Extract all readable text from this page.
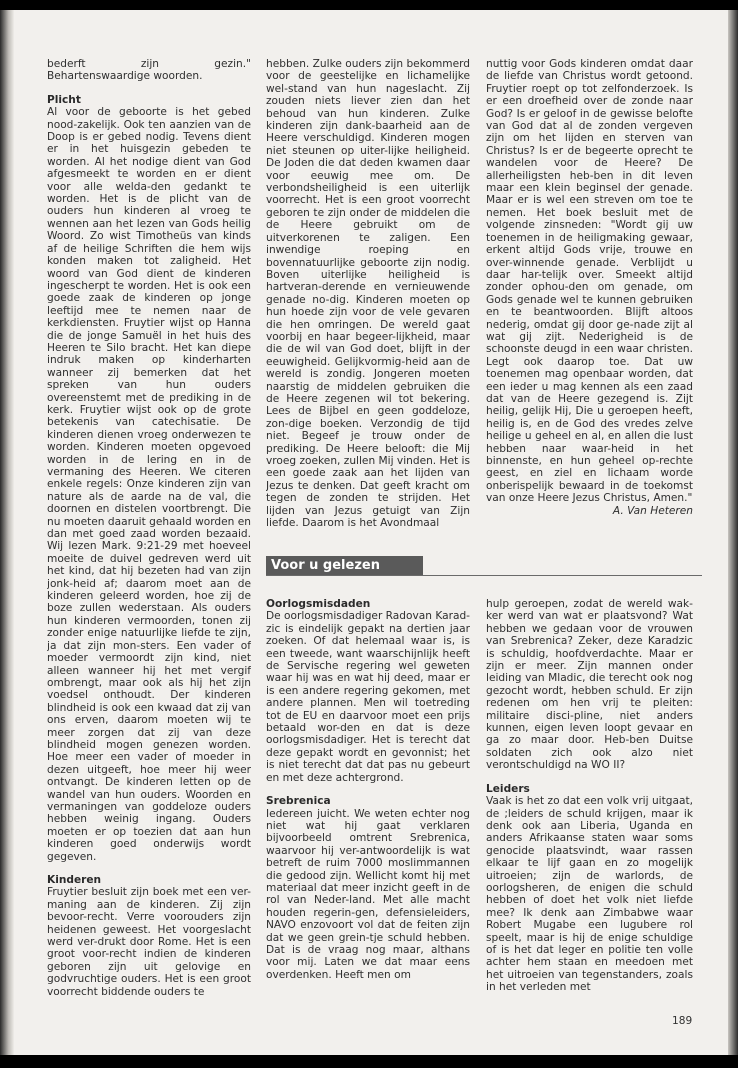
bederft zijn gezin." Behartenswaardige woorden.

Plicht

Al voor de geboorte is het gebed nood-zakelijk. Ook ten aanzien van de Doop is er gebed nodig. Tevens dient er in het huisgezin gebeden te worden. Al het nodige dient van God afgesmeekt te worden en er dient voor alle welda-den gedankt te worden. Het is de plicht van de ouders hun kinderen al vroeg te wennen aan het lezen van Gods heilig Woord. Zo wist Timotheüs van kinds af de heilige Schriften die hem wijs konden maken tot zaligheid. Het woord van God dient de kinderen ingescherpt te worden. Het is ook een goede zaak de kinderen op jonge leeftijd mee te nemen naar de kerkdiensten. Fruytier wijst op Hanna die de jonge Samuël in het huis des Heeren te Silo bracht. Het kan diepe indruk maken op kinderharten wanneer zij bemerken dat het spreken van hun ouders overeenstemt met de prediking in de kerk. Fruytier wijst ook op de grote betekenis van catechisatie. De kinderen dienen vroeg onderwezen te worden. Kinderen moeten opgevoed worden in de lering en in de vermaning des Heeren. We citeren enkele regels: Onze kinderen zijn van nature als de aarde na de val, die doornen en distelen voortbrengt. Die nu moeten daaruit gehaald worden en dan met goed zaad worden bezaaid. Wij lezen Mark. 9:21-29 met hoeveel moeite de duivel gedreven werd uit het kind, dat hij bezeten had van zijn jonk-heid af; daarom moet aan de kinderen geleerd worden, hoe zij de boze zullen wederstaan. Als ouders hun kinderen vermoorden, tonen zij zonder enige natuurlijke liefde te zijn, ja dat zijn mon-sters. Een vader of moeder vermoordt zijn kind, niet alleen wanneer hij het met vergif ombrengt, maar ook als hij het zijn voedsel onthoudt. Der kinderen blindheid is ook een kwaad dat zij van ons erven, daarom moeten wij te meer zorgen dat zij van deze blindheid mogen genezen worden. Hoe meer een vader of moeder in dezen uitgeeft, hoe meer hij weer ontvangt. De kinderen letten op de wandel van hun ouders. Woorden en vermaningen van goddeloze ouders hebben weinig ingang. Ouders moeten er op toezien dat aan hun kinderen goed onderwijs wordt gegeven.

Kinderen

Fruytier besluit zijn boek met een ver-maning aan de kinderen. Zij zijn bevoor-recht. Verre voorouders zijn heidenen geweest. Het voorgeslacht werd ver-drukt door Rome. Het is een groot voor-recht indien de kinderen geboren zijn uit gelovige en godvruchtige ouders. Het is een groot voorrecht biddende ouders te

hebben. Zulke ouders zijn bekommerd voor de geestelijke en lichamelijke wel-stand van hun nageslacht. Zij zouden niets liever zien dan het behoud van hun kinderen. Zulke kinderen zijn dank-baarheid aan de Heere verschuldigd. Kinderen mogen niet steunen op uiter-lijke heiligheid. De Joden die dat deden kwamen daar voor eeuwig mee om. De verbondsheiligheid is een uiterlijk voorrecht. Het is een groot voorrecht geboren te zijn onder de middelen die de Heere gebruikt om de uitverkorenen te zaligen. Een inwendige roeping en bovennatuurlijke geboorte zijn nodig. Boven uiterlijke heiligheid is hartveran-derende en vernieuwende genade no-dig. Kinderen moeten op hun hoede zijn voor de vele gevaren die hen omringen. De wereld gaat voorbij en haar begeer-lijkheid, maar die de wil van God doet, blijft in der eeuwigheid. Gelijkvormig-heid aan de wereld is zondig. Jongeren moeten naarstig de middelen gebruiken die de Heere zegenen wil tot bekering. Lees de Bijbel en geen goddeloze, zon-dige boeken. Verzondig de tijd niet. Begeef je trouw onder de prediking. De Heere belooft: die Mij vroeg zoeken, zullen Mij vinden. Het is een goede zaak aan het lijden van Jezus te denken. Dat geeft kracht om tegen de zonden te strijden. Het lijden van Jezus getuigt van Zijn liefde. Daarom is het Avondmaal

nuttig voor Gods kinderen omdat daar de liefde van Christus wordt getoond. Fruytier roept op tot zelfonderzoek. Is er een droefheid over de zonde naar God? Is er geloof in de gewisse belofte van God dat al de zonden vergeven zijn om het lijden en sterven van Christus? Is er de begeerte oprecht te wandelen voor de Heere? De allerheiligsten heb-ben in dit leven maar een klein beginsel der genade. Maar er is wel een streven om toe te nemen. Het boek besluit met de volgende zinsneden: "Wordt gij uw toenemen in de heiligmaking gewaar, erkent altijd Gods vrije, trouwe en over-winnende genade. Verblijdt u daar har-telijk over. Smeekt altijd zonder ophou-den om genade, om Gods genade wel te kunnen gebruiken en te beantwoorden. Blijft altoos nederig, omdat gij door ge-nade zijt al wat gij zijt. Nederigheid is de schoonste deugd in een waar christen. Legt ook daarop toe. Dat uw toenemen mag openbaar worden, dat een ieder u mag kennen als een zaad dat van de Heere gezegend is. Zijt heilig, gelijk Hij, Die u geroepen heeft, heilig is, en de God des vredes zelve heilige u geheel en al, en allen die lust hebben naar waar-heid in het binnenste, en hun geheel op-rechte geest, en ziel en lichaam worde onberispelijk bewaard in de toekomst van onze Heere Jezus Christus, Amen."

A. Van Heteren

Voor u gelezen
Oorlogsmisdaden

De oorlogsmisdadiger Radovan Karad-zic is eindelijk gepakt na dertien jaar zoeken. Of dat helemaal waar is, is een tweede, want waarschijnlijk heeft de Servische regering wel geweten waar hij was en wat hij deed, maar er is een andere regering gekomen, met andere plannen. Men wil toetreding tot de EU en daarvoor moet een prijs betaald wor-den en dat is deze oorlogsmisdadiger. Het is terecht dat deze gepakt wordt en gevonnist; het is niet terecht dat dat pas nu gebeurt en met deze achtergrond.

Srebrenica

Iedereen juicht. We weten echter nog niet wat hij gaat verklaren bijvoorbeeld omtrent Srebrenica, waarvoor hij ver-antwoordelijk is wat betreft de ruim 7000 moslimmannen die gedood zijn. Wellicht komt hij met materiaal dat meer inzicht geeft in de rol van Neder-land. Met alle macht houden regerin-gen, defensieleiders, NAVO enzovoort vol dat de feiten zijn dat we geen grein-tje schuld hebben. Dat is de vraag nog maar, althans voor mij. Laten we dat maar eens overdenken. Heeft men om

hulp geroepen, zodat de wereld wak-ker werd van wat er plaatsvond? Wat hebben we gedaan voor de vrouwen van Srebrenica? Zeker, deze Karadzic is schuldig, hoofdverdachte. Maar er zijn er meer. Zijn mannen onder leiding van Mladic, die terecht ook nog gezocht wordt, hebben schuld. Er zijn redenen om hen vrij te pleiten: militaire disci-pline, niet anders kunnen, eigen leven loopt gevaar en ga zo maar door. Heb-ben Duitse soldaten zich ook alzo niet verontschuldigd na WO II?

Leiders

Vaak is het zo dat een volk vrij uitgaat, de ;leiders de schuld krijgen, maar ik denk ook aan Liberia, Uganda en anders Afrikaanse staten waar soms genocide plaatsvindt, waar rassen elkaar te lijf gaan en zo mogelijk uitroeien; zijn de warlords, de oorlogsheren, de enigen die schuld hebben of doet het volk niet liefde mee? Ik denk aan Zimbabwe waar Robert Mugabe een lugubere rol speelt, maar is hij de enige schuldige of is het dat leger en politie ten volle achter hem staan en meedoen met het uitroeien van tegenstanders, zoals in het verleden met

189
